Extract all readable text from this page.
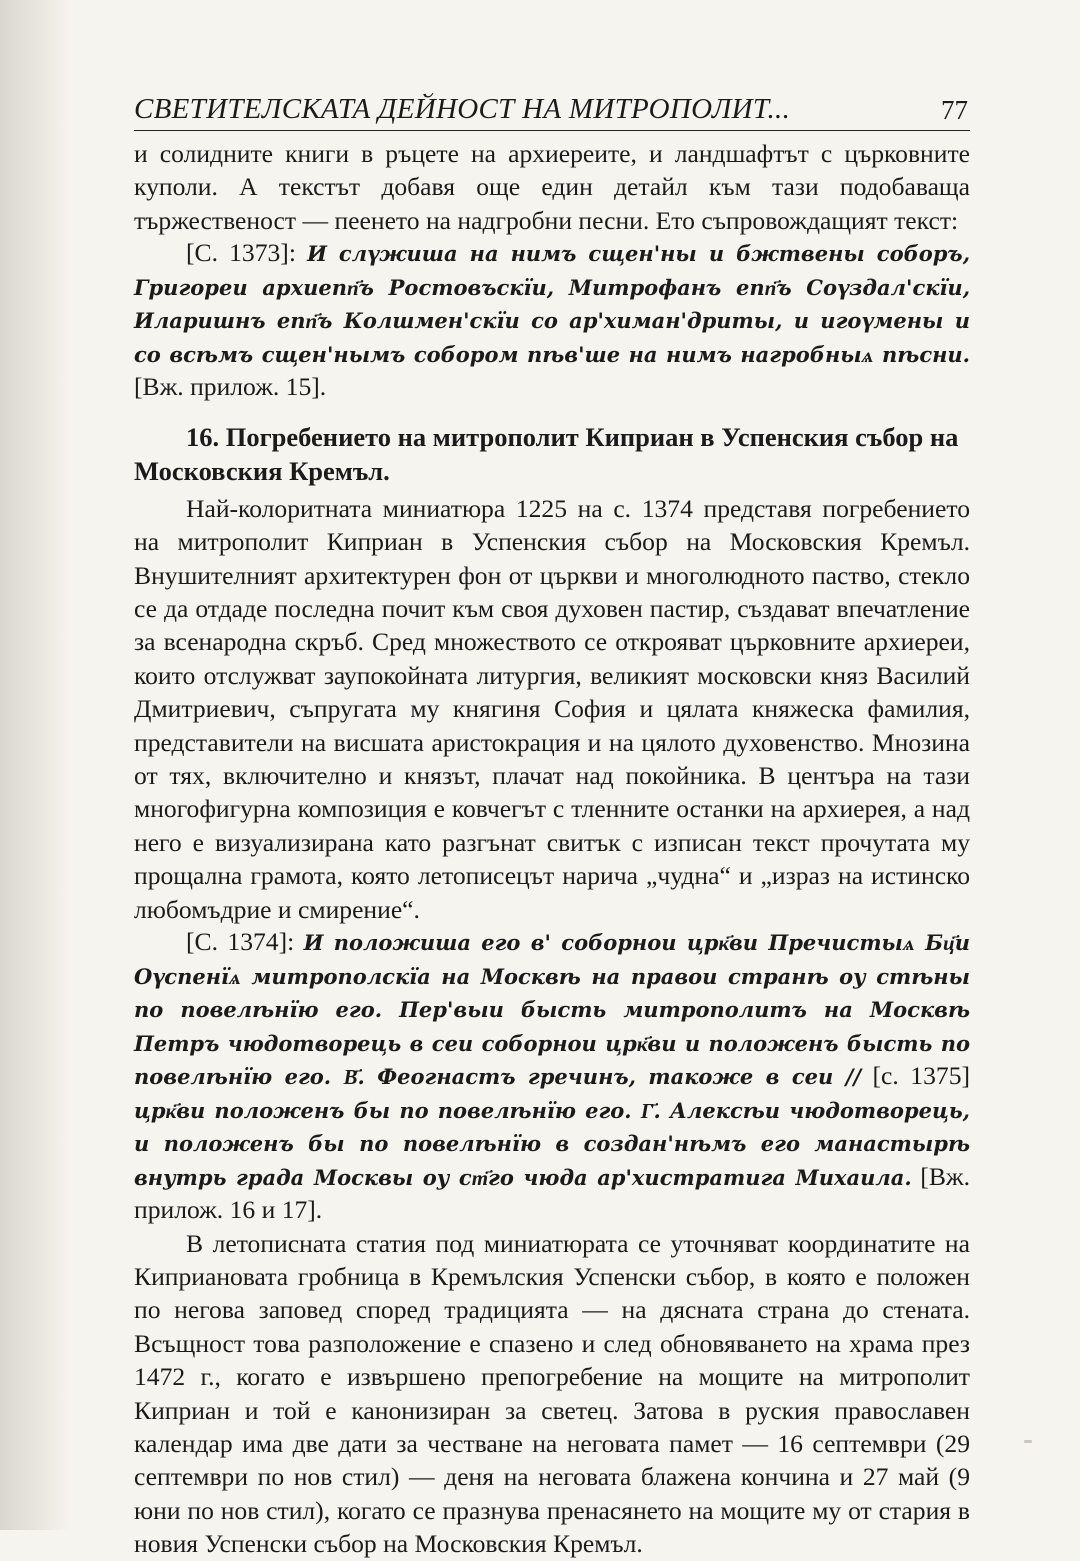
СВЕТИТЕЛСКАТА ДЕЙНОСТ НА МИТРОПОЛИТ...	77

и солидните книги в ръцете на архиереите, и ландшафтът с църковните куполи. А текстът добавя още един детайл към тази подобаваща тържественост — пеенето на надгробни песни. Ето съпровождащият текст:

[С. 1373]: И слүжиша на нимъ сщен'ны и бжтвены соборъ, Григореи архиепп҃ъ Ростовъскїи, Митрофанъ епп҃ъ Соүздал'скїи, Иларишнъ епп҃ъ Колшмен'скїи со ар'химан'дриты, и игоүмены и со всѣмъ сщен'нымъ собором пѣв'ше на нимъ нагробныѧ пѣсни. [Вж. прилож. 15].

16. Погребението на митрополит Киприан в Успенския събор на Московския Кремъл.

Най-колоритната миниатюра 1225 на с. 1374 представя погребението на митрополит Киприан в Успенския събор на Московския Кремъл. Внушителният архитектурен фон от църкви и многолюдното паство, стекло се да отдаде последна почит към своя духовен пастир, създават впечатление за всенародна скръб. Сред множеството се открояват църковните архиереи, които отслужват заупокойната литургия, великият московски княз Василий Дмитриевич, съпругата му княгиня София и цялата княжеска фамилия, представители на висшата аристокрация и на цялото духовенство. Мнозина от тях, включително и князът, плачат над покойника. В центъра на тази многофигурна композиция е ковчегът с тленните останки на архиерея, а над него е визуализирана като разгънат свитък с изписан текст прочутата му прощална грамота, която летописецът нарича „чудна“ и „израз на истинско любомъдрие и смирение“.

[С. 1374]: И положиша его в' соборнои црк҃ви Пречистыѧ Бц҃и Оүспенїѧ митрополскїа на Москвѣ на правои странѣ оу стѣны по повелѣнїю его. Пер'выи бысть митрополитъ на Москвѣ Петръ чюдотворець в сеи соборнои црк҃ви и положенъ бысть по повелѣнїю его. В҃. Феогнастъ гречинъ, такоже в сеи // [с. 1375] црк҃ви положенъ бы по повелѣнїю его. Г҃. Алексѣи чюдотворець, и положенъ бы по повелѣнїю в создан'нѣмъ его манастырѣ внутрь града Москвы оу ст҃го чюда ар'хистратига Михаила. [Вж. прилож. 16 и 17].

В летописната статия под миниатюрата се уточняват координатите на Киприановата гробница в Кремълския Успенски събор, в която е положен по негова заповед според традицията — на дясната страна до стената. Всъщност това разположение е спазено и след обновяването на храма през 1472 г., когато е извършено препогребение на мощите на митрополит Киприан и той е канонизиран за светец. Затова в руския православен календар има две дати за честване на неговата памет — 16 септември (29 септември по нов стил) — деня на неговата блажена кончина и 27 май (9 юни по нов стил), когато се празнува пренасянето на мощите му от стария в новия Успенски събор на Московския Кремъл.
